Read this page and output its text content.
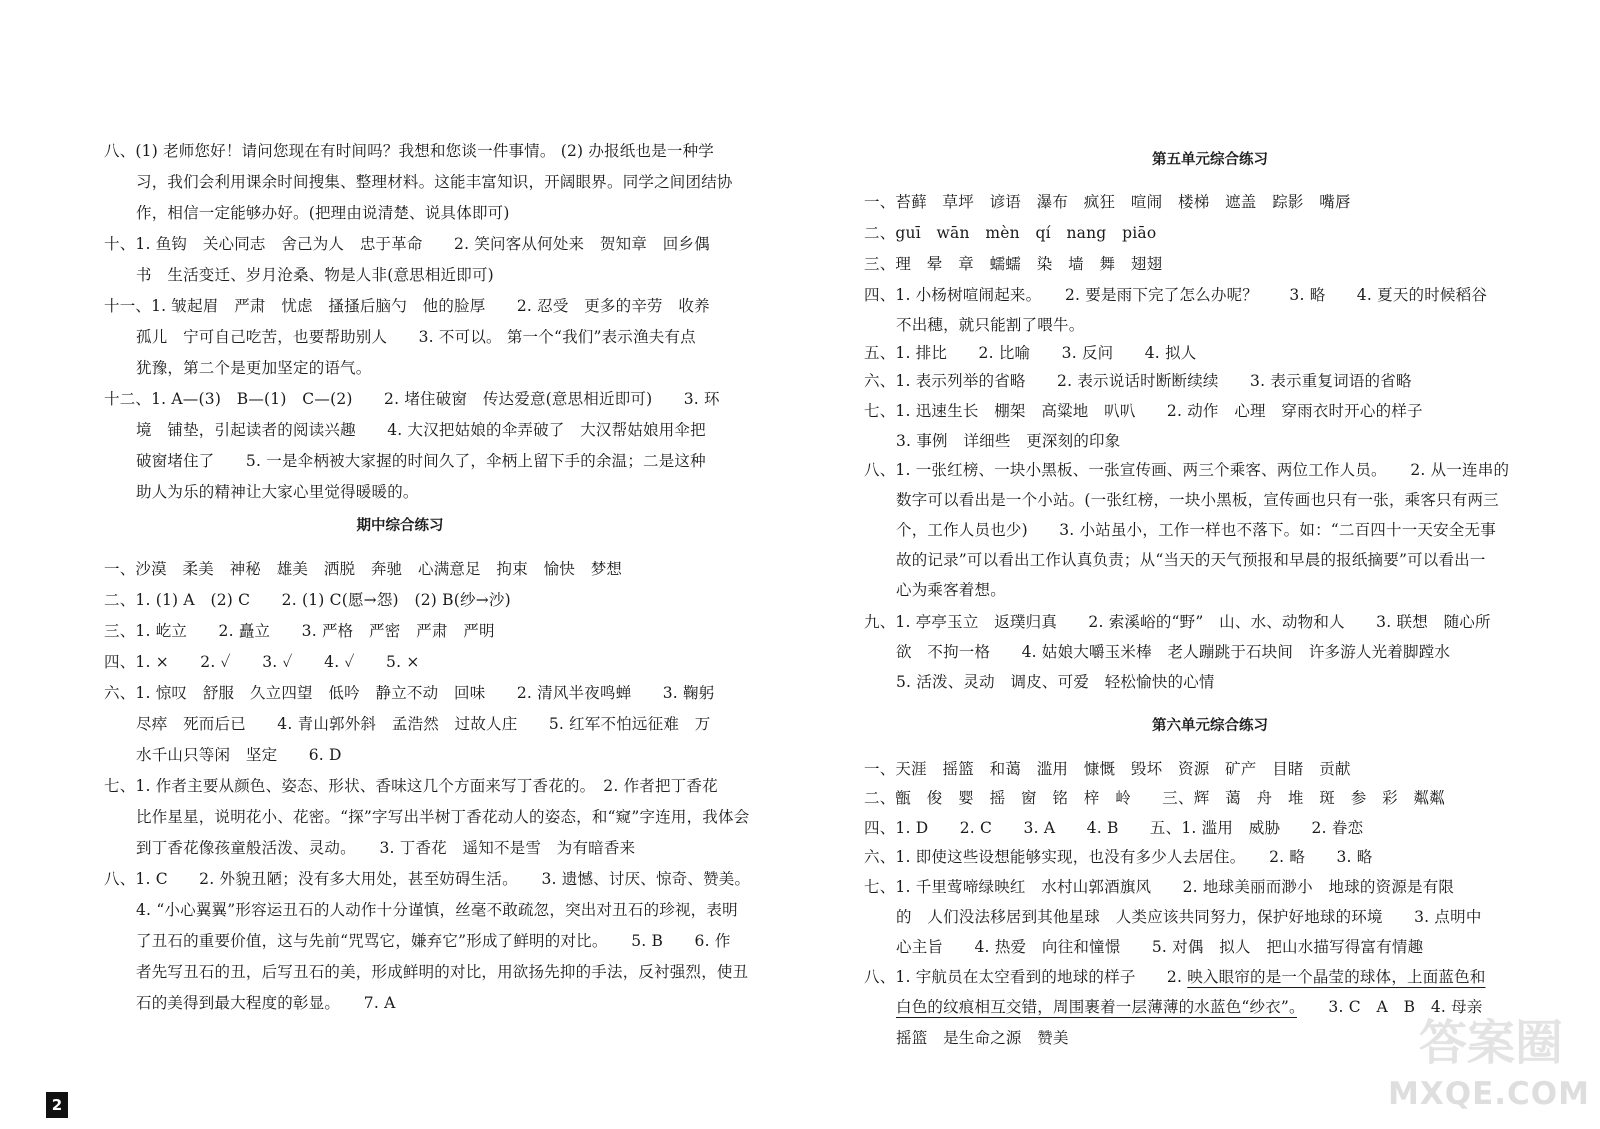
八、(1) 老师您好！请问您现在有时间吗？我想和您谈一件事情。 (2) 办报纸也是一种学
习，我们会利用课余时间搜集、整理材料。这能丰富知识，开阔眼界。同学之间团结协
作，相信一定能够办好。(把理由说清楚、说具体即可)
十、1. 鱼钩　关心同志　舍己为人　忠于革命　　2. 笑问客从何处来　贺知章　回乡偶
书　生活变迁、岁月沧桑、物是人非(意思相近即可)
十一、1. 皱起眉　严肃　忧虑　搔搔后脑勺　他的脸厚　　2. 忍受　更多的辛劳　收养
孤儿　宁可自己吃苦，也要帮助别人　　3. 不可以。 第一个“我们”表示渔夫有点
犹豫，第二个是更加坚定的语气。
十二、1. A—(3)　B—(1)　C—(2)　　2. 堵住破窗　传达爱意(意思相近即可)　　3. 环
境　铺垫，引起读者的阅读兴趣　　4. 大汉把姑娘的伞弄破了　大汉帮姑娘用伞把
破窗堵住了　　5. 一是伞柄被大家握的时间久了，伞柄上留下手的余温；二是这种
助人为乐的精神让大家心里觉得暖暖的。
期中综合练习
一、沙漠　柔美　神秘　雄美　洒脱　奔驰　心满意足　拘束　愉快　梦想
二、1. (1) A　(2) C　　2. (1) C(愿→怨)　(2) B(纱→沙)
三、1. 屹立　　2. 矗立　　3. 严格　严密　严肃　严明
四、1. ×　　2. ✓　　3. ✓　　4. ✓　　5. ×
六、1. 惊叹　舒服　久立四望　低吟　静立不动　回味　　2. 清风半夜鸣蝉　　3. 鞠躬
尽瘁　死而后已　　4. 青山郭外斜　孟浩然　过故人庄　　5. 红军不怕远征难　万
水千山只等闲　坚定　　6. D
七、1. 作者主要从颜色、姿态、形状、香味这几个方面来写丁香花的。　2. 作者把丁香花
比作星星，说明花小、花密。“探”字写出半树丁香花动人的姿态，和“窥”字连用，我体会
到丁香花像孩童般活泼、灵动。　　3. 丁香花　遥知不是雪　为有暗香来
八、1. C　　2. 外貌丑陋；没有多大用处，甚至妨碍生活。　　3. 遗憾、讨厌、惊奇、赞美。
4. “小心翼翼”形容运丑石的人动作十分谨慎，丝毫不敢疏忽，突出对丑石的珍视，表明
了丑石的重要价值，这与先前“咒骂它，嫌弃它”形成了鲜明的对比。　　5. B　　6. 作
者先写丑石的丑，后写丑石的美，形成鲜明的对比，用欲扬先抑的手法，反衬强烈，使丑
石的美得到最大程度的彰显。　　7. A
2
第五单元综合练习
一、苔藓　草坪　谚语　瀑布　疯狂　喧闹　楼梯　遮盖　踪影　嘴唇
二、guī　wān　mèn　qí　nang　piāo
三、理　晕　章　蠕蠕　染　墙　舞　翅翅
四、1. 小杨树喧闹起来。　　2. 要是雨下完了怎么办呢？　　3. 略　　4. 夏天的时候稻谷
不出穗，就只能割了喂牛。
五、1. 排比　　2. 比喻　　3. 反问　　4. 拟人
六、1. 表示列举的省略　　2. 表示说话时断断续续　　3. 表示重复词语的省略
七、1. 迅速生长　棚架　高粱地　叭叭　　2. 动作　心理　穿雨衣时开心的样子
3. 事例　详细些　更深刻的印象
八、1. 一张红榜、一块小黑板、一张宣传画、两三个乘客、两位工作人员。　　2. 从一连串的
数字可以看出是一个小站。(一张红榜，一块小黑板，宣传画也只有一张，乘客只有两三
个，工作人员也少)　　3. 小站虽小，工作一样也不落下。如：“二百四十一天安全无事
故的记录”可以看出工作认真负责；从“当天的天气预报和早晨的报纸摘要”可以看出一
心为乘客着想。
九、1. 亭亭玉立　返璞归真　　2. 索溪峪的“野”　山、水、动物和人　　3. 联想　随心所
欲　不拘一格　　4. 姑娘大嚼玉米棒　老人蹦跳于石块间　许多游人光着脚蹚水
5. 活泼、灵动　调皮、可爱　轻松愉快的心情
第六单元综合练习
一、天涯　摇篮　和蔼　滥用　慷慨　毁坏　资源　矿产　目睹　贡献
二、甑　俊　婴　摇　窗　铭　梓　岭　　三、辉　蔼　舟　堆　斑　参　彩　粼粼
四、1. D　　2. C　　3. A　　4. B　　五、1. 滥用　威胁　　2. 眷恋
六、1. 即使这些设想能够实现，也没有多少人去居住。　　2. 略　　3. 略
七、1. 千里莺啼绿映红　水村山郭酒旗风　　2. 地球美丽而渺小　地球的资源是有限
的　人们没法移居到其他星球　人类应该共同努力，保护好地球的环境　　3. 点明中
心主旨　　4. 热爱　向往和憧憬　　5. 对偶　拟人　把山水描写得富有情趣
八、1. 宇航员在太空看到的地球的样子　　2. 映入眼帘的是一个晶莹的球体，上面蓝色和
白色的纹痕相互交错，周围裹着一层薄薄的水蓝色“纱衣”。　　3. C　A　B　4. 母亲
摇篮　是生命之源　赞美	答案圈
MXQE.COM
